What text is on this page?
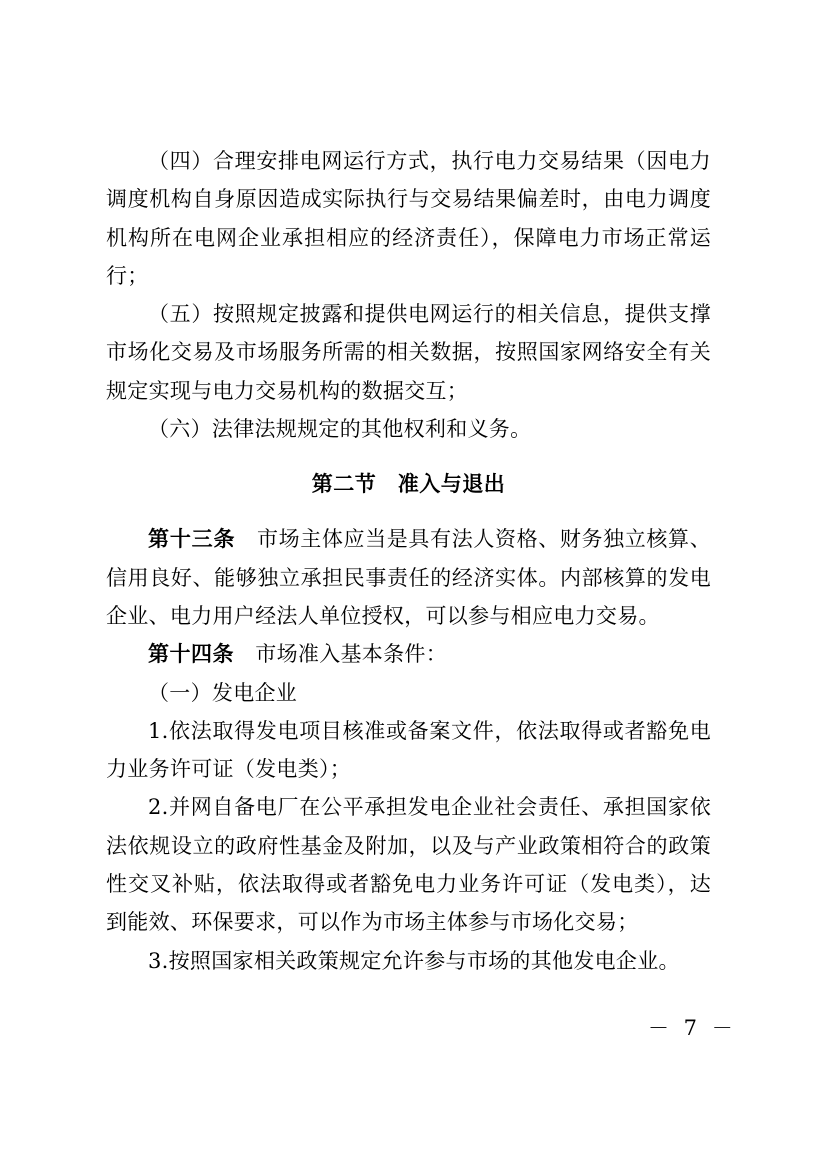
（四）合理安排电网运行方式，执行电力交易结果（因电力调度机构自身原因造成实际执行与交易结果偏差时，由电力调度机构所在电网企业承担相应的经济责任），保障电力市场正常运行；

（五）按照规定披露和提供电网运行的相关信息，提供支撑市场化交易及市场服务所需的相关数据，按照国家网络安全有关规定实现与电力交易机构的数据交互；

（六）法律法规规定的其他权利和义务。

第二节　准入与退出

第十三条　市场主体应当是具有法人资格、财务独立核算、信用良好、能够独立承担民事责任的经济实体。内部核算的发电企业、电力用户经法人单位授权，可以参与相应电力交易。

第十四条　市场准入基本条件：

（一）发电企业

1.依法取得发电项目核准或备案文件，依法取得或者豁免电力业务许可证（发电类）；

2.并网自备电厂在公平承担发电企业社会责任、承担国家依法依规设立的政府性基金及附加，以及与产业政策相符合的政策性交叉补贴，依法取得或者豁免电力业务许可证（发电类），达到能效、环保要求，可以作为市场主体参与市场化交易；

3.按照国家相关政策规定允许参与市场的其他发电企业。

－ 7 －
